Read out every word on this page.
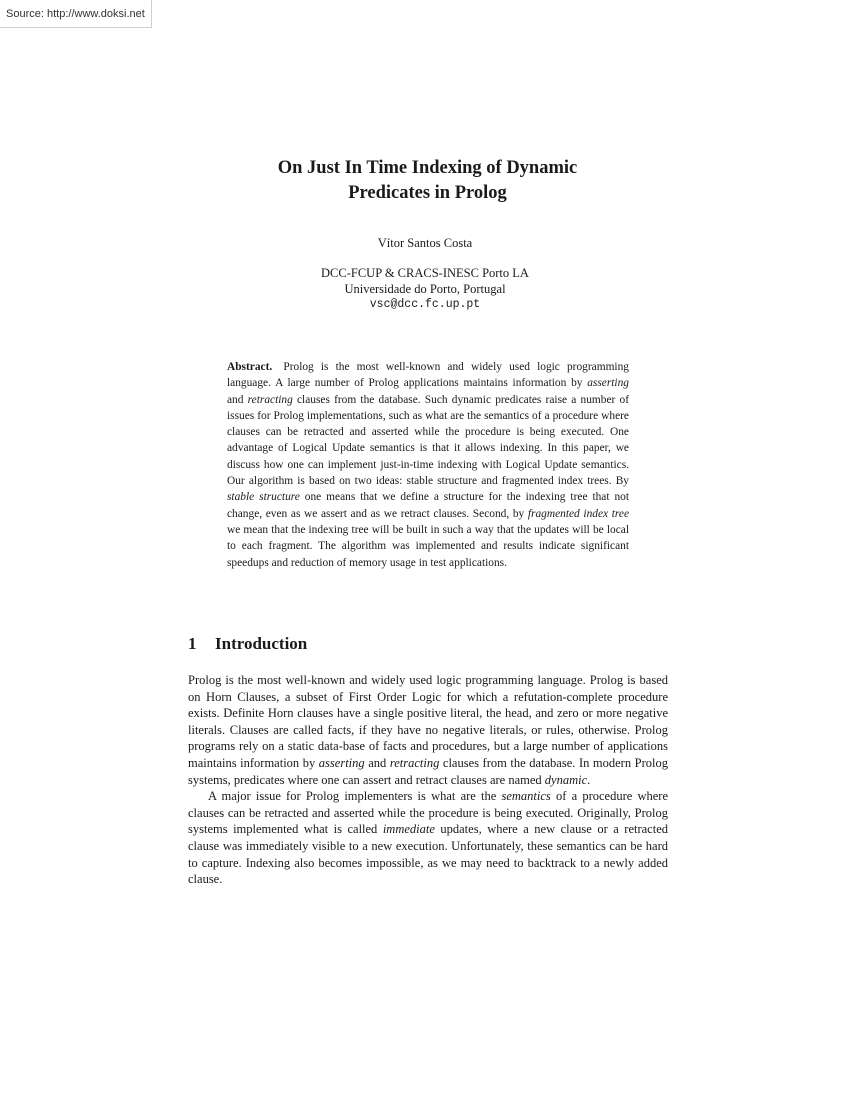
Source: http://www.doksi.net
On Just In Time Indexing of Dynamic
Predicates in Prolog
Vítor Santos Costa
DCC-FCUP & CRACS-INESC Porto LA
Universidade do Porto, Portugal
vsc@dcc.fc.up.pt
Abstract. Prolog is the most well-known and widely used logic programming language. A large number of Prolog applications maintains information by asserting and retracting clauses from the database. Such dynamic predicates raise a number of issues for Prolog implementations, such as what are the semantics of a procedure where clauses can be retracted and asserted while the procedure is being executed. One advantage of Logical Update semantics is that it allows indexing. In this paper, we discuss how one can implement just-in-time indexing with Logical Update semantics. Our algorithm is based on two ideas: stable structure and fragmented index trees. By stable structure one means that we define a structure for the indexing tree that not change, even as we assert and as we retract clauses. Second, by fragmented index tree we mean that the indexing tree will be built in such a way that the updates will be local to each fragment. The algorithm was implemented and results indicate significant speedups and reduction of memory usage in test applications.
1 Introduction

Prolog is the most well-known and widely used logic programming language. Prolog is based on Horn Clauses, a subset of First Order Logic for which a refutation-complete procedure exists. Definite Horn clauses have a single positive literal, the head, and zero or more negative literals. Clauses are called facts, if they have no negative literals, or rules, otherwise. Prolog programs rely on a static data-base of facts and procedures, but a large number of applications maintains information by asserting and retracting clauses from the database. In modern Prolog systems, predicates where one can assert and retract clauses are named dynamic.

A major issue for Prolog implementers is what are the semantics of a procedure where clauses can be retracted and asserted while the procedure is being executed. Originally, Prolog systems implemented what is called immediate updates, where a new clause or a retracted clause was immediately visible to a new execution. Unfortunately, these semantics can be hard to capture. Indexing also becomes impossible, as we may need to backtrack to a newly added clause.
